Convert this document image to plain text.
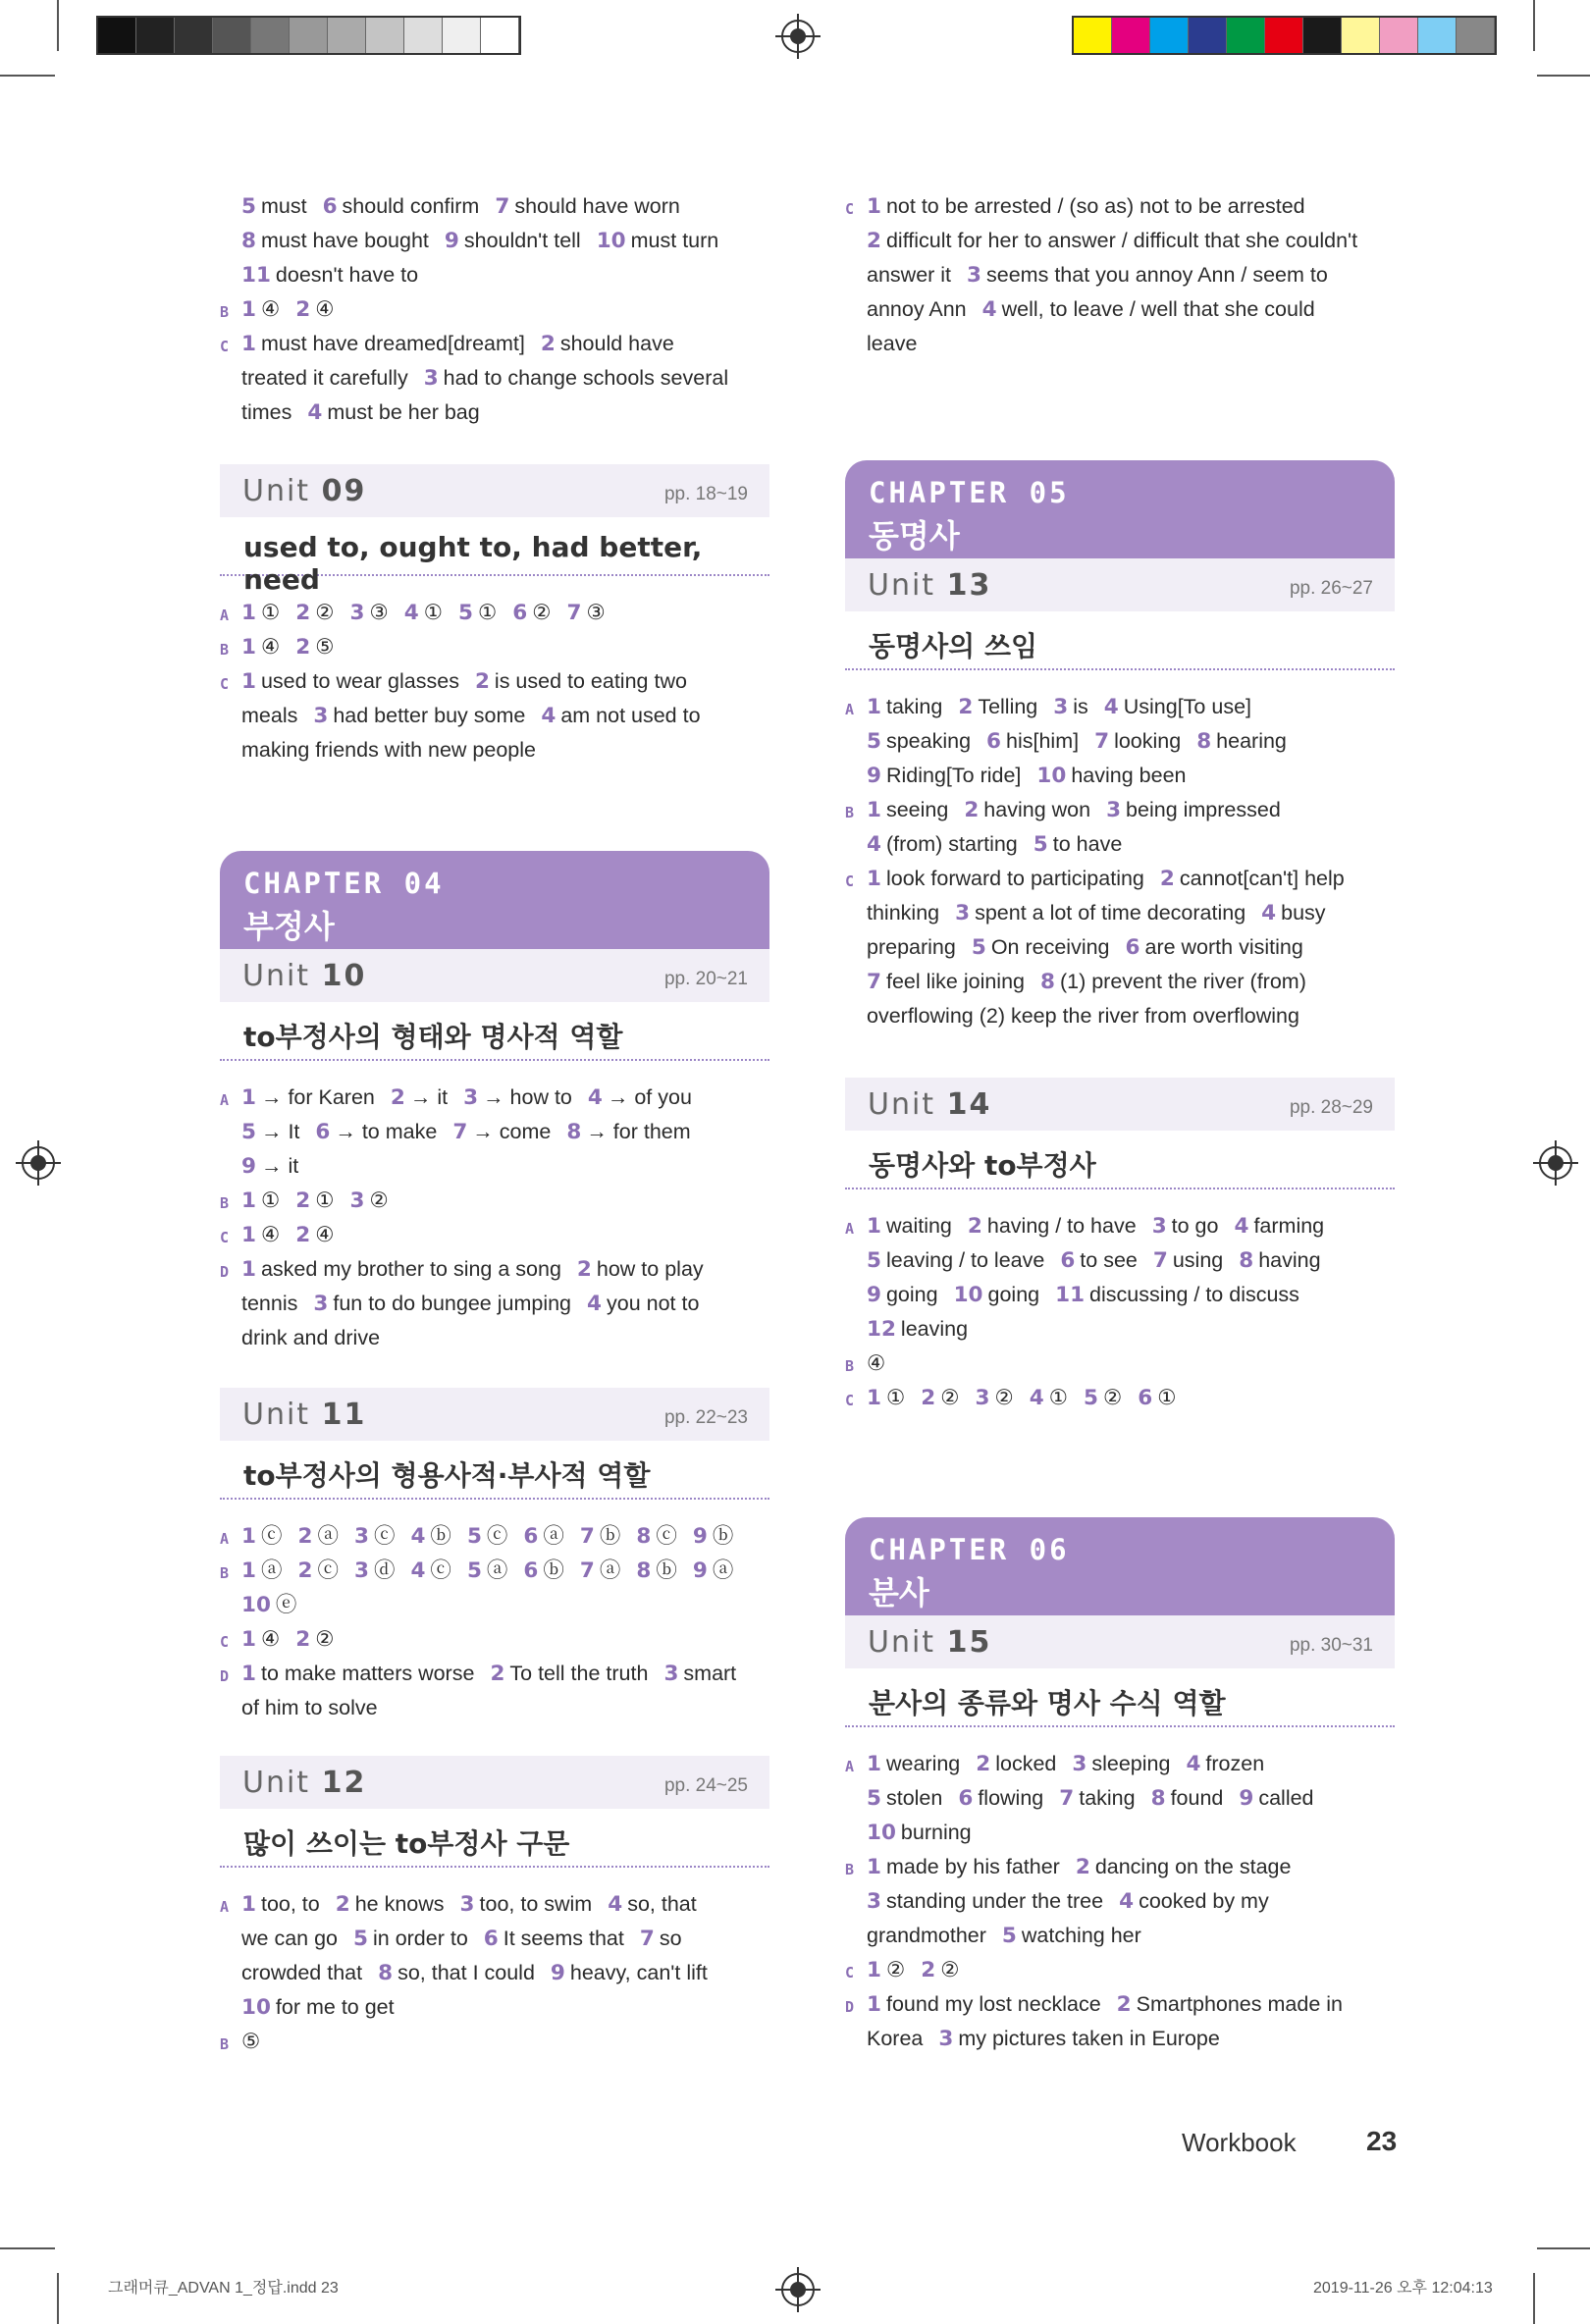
5 must 6 should confirm 7 should have worn
8 must have bought 9 shouldn't tell 10 must turn
11 doesn't have to
B 1 ④ 2 ④
C 1 must have dreamed[dreamt] 2 should have
treated it carefully 3 had to change schools several
times 4 must be her bag
Unit 09	pp. 18~19
used to, ought to, had better, need
A 1 ① 2 ② 3 ③ 4 ① 5 ① 6 ② 7 ③
B 1 ④ 2 ⑤
C 1 used to wear glasses 2 is used to eating two
meals 3 had better buy some 4 am not used to
making friends with new people
CHAPTER 04
부정사
Unit 10	pp. 20~21
to부정사의 형태와 명사적 역할
A 1 → for Karen 2 → it 3 → how to 4 → of you
5 → It 6 → to make 7 → come 8 → for them
9 → it
B 1 ① 2 ① 3 ②
C 1 ④ 2 ④
D 1 asked my brother to sing a song 2 how to play
tennis 3 fun to do bungee jumping 4 you not to
drink and drive
Unit 11	pp. 22~23
to부정사의 형용사적·부사적 역할
A 1 ⓒ 2 ⓐ 3 ⓒ 4 ⓑ 5 ⓒ 6 ⓐ 7 ⓑ 8 ⓒ 9 ⓑ
B 1 ⓐ 2 ⓒ 3 ⓓ 4 ⓒ 5 ⓐ 6 ⓑ 7 ⓐ 8 ⓑ 9 ⓐ
10 ⓔ
C 1 ④ 2 ②
D 1 to make matters worse 2 To tell the truth 3 smart
of him to solve
Unit 12	pp. 24~25
많이 쓰이는 to부정사 구문
A 1 too, to 2 he knows 3 too, to swim 4 so, that
we can go 5 in order to 6 It seems that 7 so
crowded that 8 so, that I could 9 heavy, can't lift
10 for me to get
B ⑤
C 1 not to be arrested / (so as) not to be arrested
2 difficult for her to answer / difficult that she couldn't
answer it 3 seems that you annoy Ann / seem to
annoy Ann 4 well, to leave / well that she could
leave
CHAPTER 05
동명사
Unit 13	pp. 26~27
동명사의 쓰임
A 1 taking 2 Telling 3 is 4 Using[To use]
5 speaking 6 his[him] 7 looking 8 hearing
9 Riding[To ride] 10 having been
B 1 seeing 2 having won 3 being impressed
4 (from) starting 5 to have
C 1 look forward to participating 2 cannot[can't] help
thinking 3 spent a lot of time decorating 4 busy
preparing 5 On receiving 6 are worth visiting
7 feel like joining 8 (1) prevent the river (from)
overflowing (2) keep the river from overflowing
Unit 14	pp. 28~29
동명사와 to부정사
A 1 waiting 2 having / to have 3 to go 4 farming
5 leaving / to leave 6 to see 7 using 8 having
9 going 10 going 11 discussing / to discuss
12 leaving
B ④
C 1 ① 2 ② 3 ② 4 ① 5 ② 6 ①
CHAPTER 06
분사
Unit 15	pp. 30~31
분사의 종류와 명사 수식 역할
A 1 wearing 2 locked 3 sleeping 4 frozen
5 stolen 6 flowing 7 taking 8 found 9 called
10 burning
B 1 made by his father 2 dancing on the stage
3 standing under the tree 4 cooked by my
grandmother 5 watching her
C 1 ② 2 ②
D 1 found my lost necklace 2 Smartphones made in
Korea 3 my pictures taken in Europe
Workbook	23
그래머큐_ADVAN 1_정답.indd 23	2019-11-26 오후 12:04:13
